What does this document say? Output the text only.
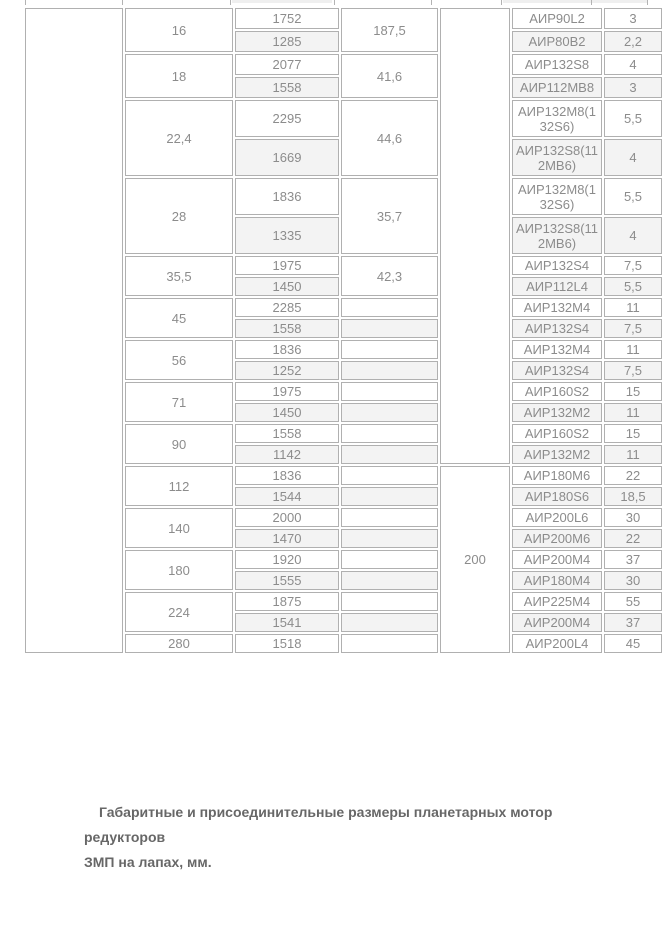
	16	1752	187,5		АИР90L2	3
		1285			АИР80В2	2,2
	18	2077	41,6		АИР132S8	4
		1558			АИР112МВ8	3
	22,4	2295	44,6		АИР132М8(132S6)	5,5
		1669			АИР132S8(112МВ6)	4
	28	1836	35,7		АИР132М8(132S6)	5,5
		1335			АИР132S8(112МВ6)	4
	35,5	1975	42,3		АИР132S4	7,5
		1450			АИР112L4	5,5
	45	2285			АИР132М4	11
		1558			АИР132S4	7,5
	56	1836			АИР132М4	11
		1252			АИР132S4	7,5
	71	1975			АИР160S2	15
		1450			АИР132М2	11
	90	1558			АИР160S2	15
		1142			АИР132М2	11
	112	1836		200	АИР180М6	22
		1544			АИР180S6	18,5
	140	2000			АИР200L6	30
		1470			АИР200М6	22
	180	1920			АИР200М4	37
		1555			АИР180М4	30
	224	1875			АИР225М4	55
		1541			АИР200М4	37
	280	1518			АИР200L4	45

Габаритные и присоединительные размеры планетарных мотор редукторов
ЗМП на лапах, мм.
